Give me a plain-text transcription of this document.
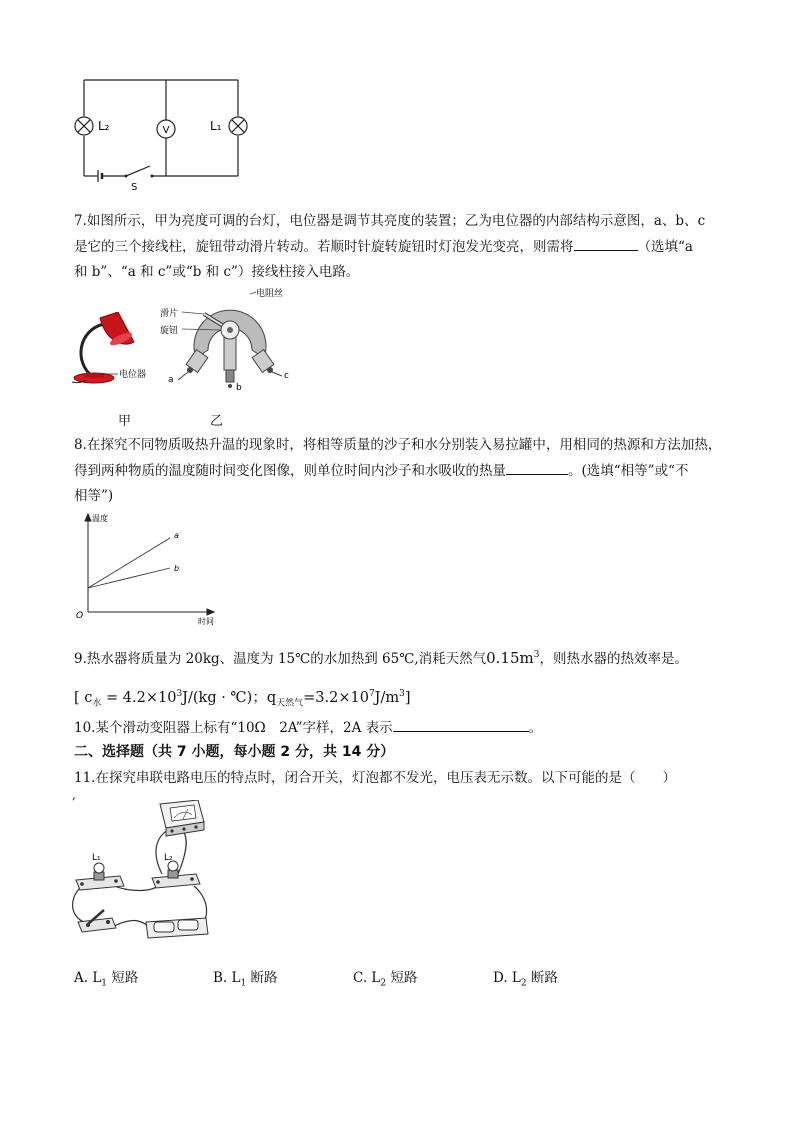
V
L₂	L₁
S
7.如图所示，甲为亮度可调的台灯，电位器是调节其亮度的装置；乙为电位器的内部结构示意图，a、b、c
是它的三个接线柱，旋钮带动滑片转动。若顺时针旋转旋钮时灯泡发光变亮，则需将	（选填“a
和 b”、“a 和 c”或“b 和 c”）接线柱接入电路。
电位器
电阻丝
滑片
旋钮
a
b
c
甲	乙
8.在探究不同物质吸热升温的现象时，将相等质量的沙子和水分别装入易拉罐中，用相同的热源和方法加热，
得到两种物质的温度随时间变化图像，则单位时间内沙子和水吸收的热量	。(选填“相等”或“不
相等”)
温度
时间
O
a
b
9.热水器将质量为 20kg、温度为 15℃的水加热到 65℃,消耗天然气$0.15m^3$，则热水器的热效率是。
[ $c_水 = 4.2\times 10^3J/(kg$ · ℃)；$q_{天然气}=3.2\times 10^7J/m^3$]
10.某个滑动变阻器上标有“10Ω　2A”字样，2A 表示	。
二、选择题（共 7 小题，每小题 2 分，共 14 分）
11.在探究串联电路电压的特点时，闭合开关，灯泡都不发光，电压表无示数。以下可能的是（　　）
,
L₁	L₂
A. $L_1$ 短路	B. $L_1$ 断路	C. $L_2$ 短路	D. $L_2$ 断路
